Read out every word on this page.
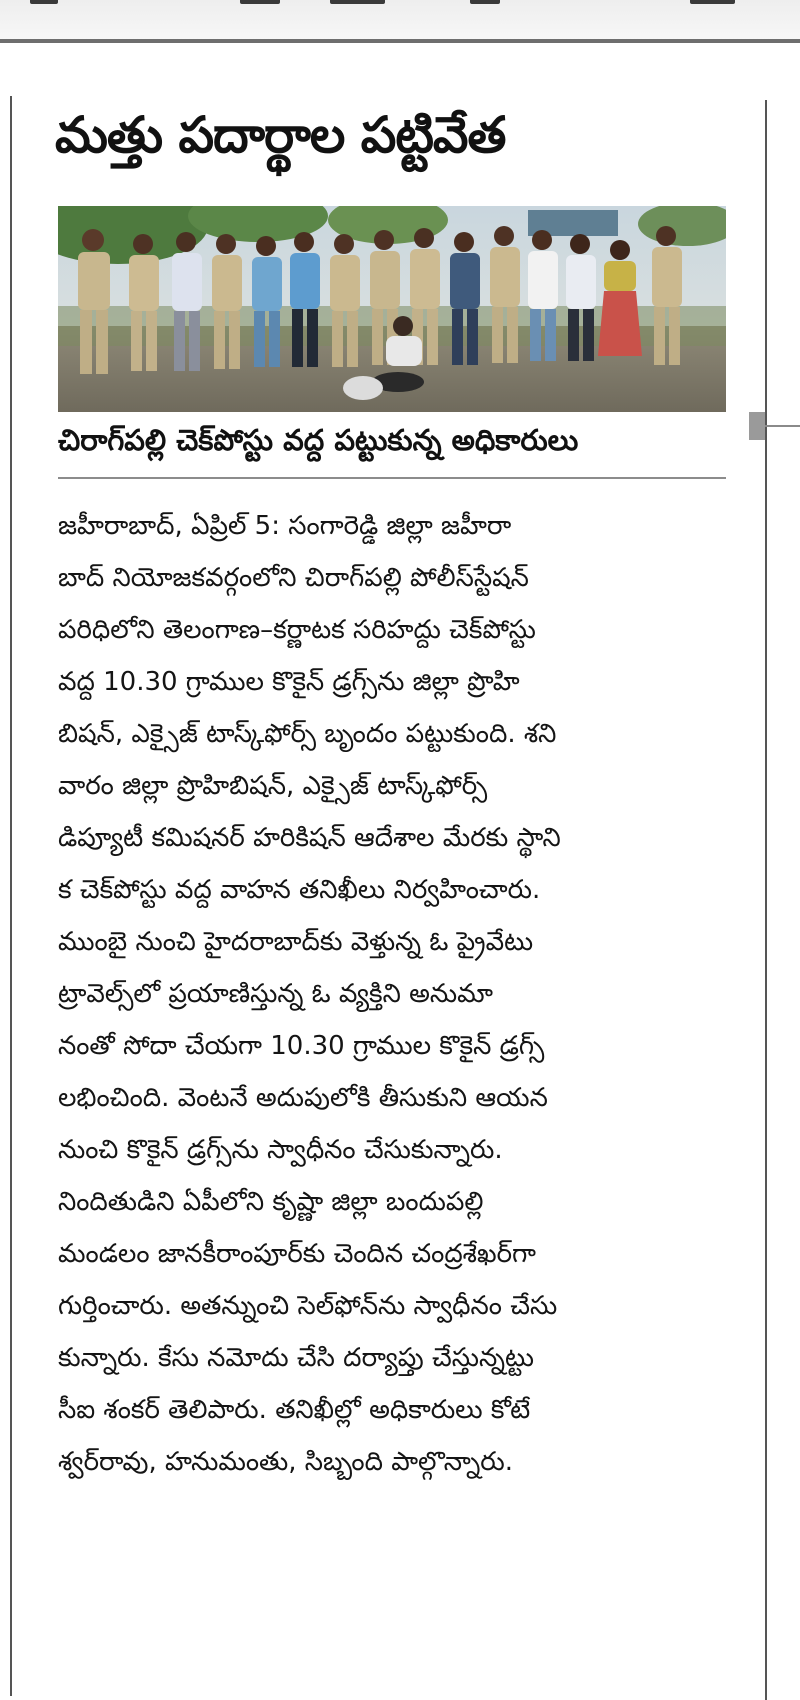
మత్తు పదార్థాల పట్టివేత
చిరాగ్‌పల్లి చెక్‌పోస్టు వద్ద పట్టుకున్న అధికారులు
జహీరాబాద్, ఏప్రిల్ 5: సంగారెడ్డి జిల్లా జహీరా
బాద్ నియోజకవర్గంలోని చిరాగ్‌పల్లి పోలీస్‌స్టేషన్
పరిధిలోని తెలంగాణ–కర్ణాటక సరిహద్దు చెక్‌పోస్టు
వద్ద 10.30 గ్రాముల కొకైన్ డ్రగ్స్‌ను జిల్లా ప్రొహి
బిషన్, ఎక్సైజ్ టాస్క్‌ఫోర్స్ బృందం పట్టుకుంది. శని
వారం జిల్లా ప్రొహిబిషన్, ఎక్సైజ్ టాస్క్‌ఫోర్స్
డిప్యూటీ కమిషనర్ హరికిషన్ ఆదేశాల మేరకు స్థాని
క చెక్‌పోస్టు వద్ద వాహన తనిఖీలు నిర్వహించారు.
ముంబై నుంచి హైదరాబాద్‌కు వెళ్తున్న ఓ ప్రైవేటు
ట్రావెల్స్‌లో ప్రయాణిస్తున్న ఓ వ్యక్తిని అనుమా
నంతో సోదా చేయగా 10.30 గ్రాముల కొకైన్ డ్రగ్స్
లభించింది. వెంటనే అదుపులోకి తీసుకుని ఆయన
నుంచి కొకైన్ డ్రగ్స్‌ను స్వాధీనం చేసుకున్నారు.
నిందితుడిని ఏపీలోని కృష్ణా జిల్లా బందుపల్లి
మండలం జానకీరాంపూర్‌కు చెందిన చంద్రశేఖర్‌గా
గుర్తించారు. అతన్నుంచి సెల్‌ఫోన్‌ను స్వాధీనం చేసు
కున్నారు. కేసు నమోదు చేసి దర్యాప్తు చేస్తున్నట్టు
సీఐ శంకర్ తెలిపారు. తనిఖీల్లో అధికారులు కోటే
శ్వర్‌రావు, హనుమంతు, సిబ్బంది పాల్గొన్నారు.
